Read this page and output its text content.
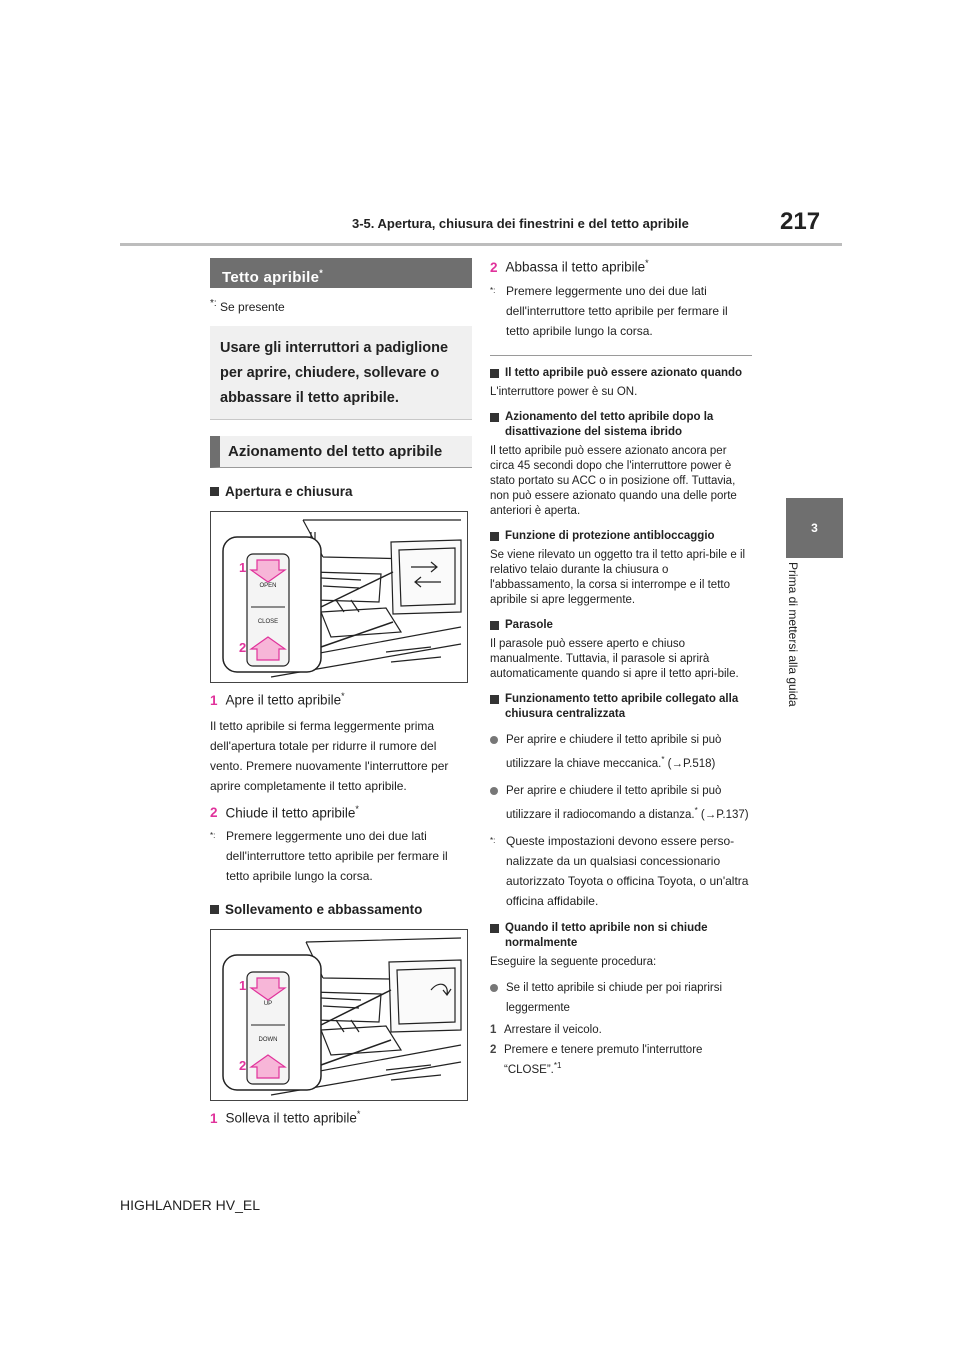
3-5. Apertura, chiusura dei finestrini e del tetto apribile	217
3
Prima di mettersi alla guida
Tetto apribile*
*: Se presente
Usare gli interruttori a padiglione per aprire, chiudere, sollevare o abbassare il tetto apribile.
Azionamento del tetto apribile
Apertura e chiusura
OPEN
CLOSE
1
2
1 Apre il tetto apribile*
Il tetto apribile si ferma leggermente prima dell'apertura totale per ridurre il rumore del vento. Premere nuovamente l'interruttore per aprire completamente il tetto apribile.
2 Chiude il tetto apribile*
*: Premere leggermente uno dei due lati dell'interruttore tetto apribile per fermare il tetto apribile lungo la corsa.
Sollevamento e abbassamento
UP
DOWN
1
2
1 Solleva il tetto apribile*
2 Abbassa il tetto apribile*
*: Premere leggermente uno dei due lati dell'interruttore tetto apribile per fermare il tetto apribile lungo la corsa.
Il tetto apribile può essere azionato quando
L'interruttore power è su ON.
Azionamento del tetto apribile dopo la disattivazione del sistema ibrido
Il tetto apribile può essere azionato ancora per circa 45 secondi dopo che l'interruttore power è stato portato su ACC o in posizione off. Tuttavia, non può essere azionato quando una delle porte anteriori è aperta.
Funzione di protezione antibloccaggio
Se viene rilevato un oggetto tra il tetto apri-bile e il relativo telaio durante la chiusura o l'abbassamento, la corsa si interrompe e il tetto apribile si apre leggermente.
Parasole
Il parasole può essere aperto e chiuso manualmente. Tuttavia, il parasole si aprirà automaticamente quando si apre il tetto apri-bile.
Funzionamento tetto apribile collegato alla chiusura centralizzata
Per aprire e chiudere il tetto apribile si può utilizzare la chiave meccanica.* (→P.518)
Per aprire e chiudere il tetto apribile si può utilizzare il radiocomando a distanza.* (→P.137)
*: Queste impostazioni devono essere perso-nalizzate da un qualsiasi concessionario autorizzato Toyota o officina Toyota, o un'altra officina affidabile.
Quando il tetto apribile non si chiude normalmente
Eseguire la seguente procedura:
Se il tetto apribile si chiude per poi riaprirsi leggermente
1 Arrestare il veicolo.
2 Premere e tenere premuto l'interruttore “CLOSE”.$^{*1}$
HIGHLANDER HV_EL
